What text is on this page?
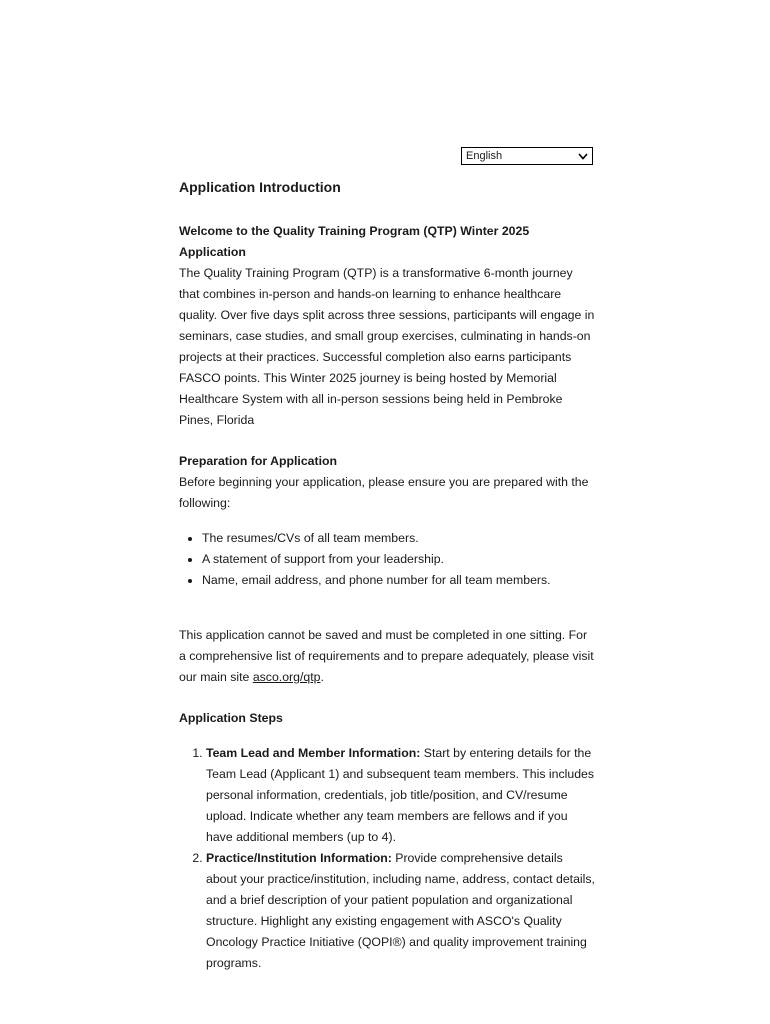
English
Application Introduction

Welcome to the Quality Training Program (QTP) Winter 2025 Application

The Quality Training Program (QTP) is a transformative 6-month journey that combines in-person and hands-on learning to enhance healthcare quality. Over five days split across three sessions, participants will engage in seminars, case studies, and small group exercises, culminating in hands-on projects at their practices. Successful completion also earns participants FASCO points. This Winter 2025 journey is being hosted by Memorial Healthcare System with all in-person sessions being held in Pembroke Pines, Florida

Preparation for Application

Before beginning your application, please ensure you are prepared with the following:

• The resumes/CVs of all team members.
• A statement of support from your leadership.
• Name, email address, and phone number for all team members.

This application cannot be saved and must be completed in one sitting. For a comprehensive list of requirements and to prepare adequately, please visit our main site asco.org/qtp.

Application Steps

1. Team Lead and Member Information: Start by entering details for the Team Lead (Applicant 1) and subsequent team members. This includes personal information, credentials, job title/position, and CV/resume upload. Indicate whether any team members are fellows and if you have additional members (up to 4).
2. Practice/Institution Information: Provide comprehensive details about your practice/institution, including name, address, contact details, and a brief description of your patient population and organizational structure. Highlight any existing engagement with ASCO's Quality Oncology Practice Initiative (QOPI®) and quality improvement training programs.
